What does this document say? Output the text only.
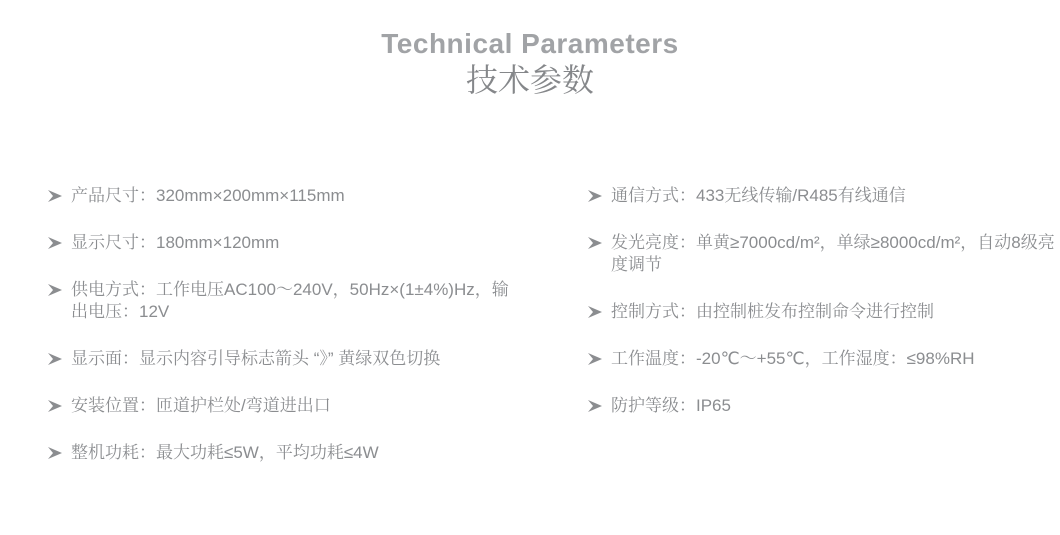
Technical Parameters
技术参数
产品尺寸：320mm×200mm×115mm
显示尺寸：180mm×120mm
供电方式：工作电压AC100～240V，50Hz×(1±4%)Hz，输出电压：12V
显示面：显示内容引导标志箭头 “》” 黄绿双色切换
安装位置：匝道护栏处/弯道进出口
整机功耗：最大功耗≤5W，平均功耗≤4W
通信方式：433无线传输/R485有线通信
发光亮度：单黄≥7000cd/m²，单绿≥8000cd/m²，自动8级亮度调节
控制方式：由控制桩发布控制命令进行控制
工作温度：-20℃～+55℃，工作湿度：≤98%RH
防护等级：IP65
